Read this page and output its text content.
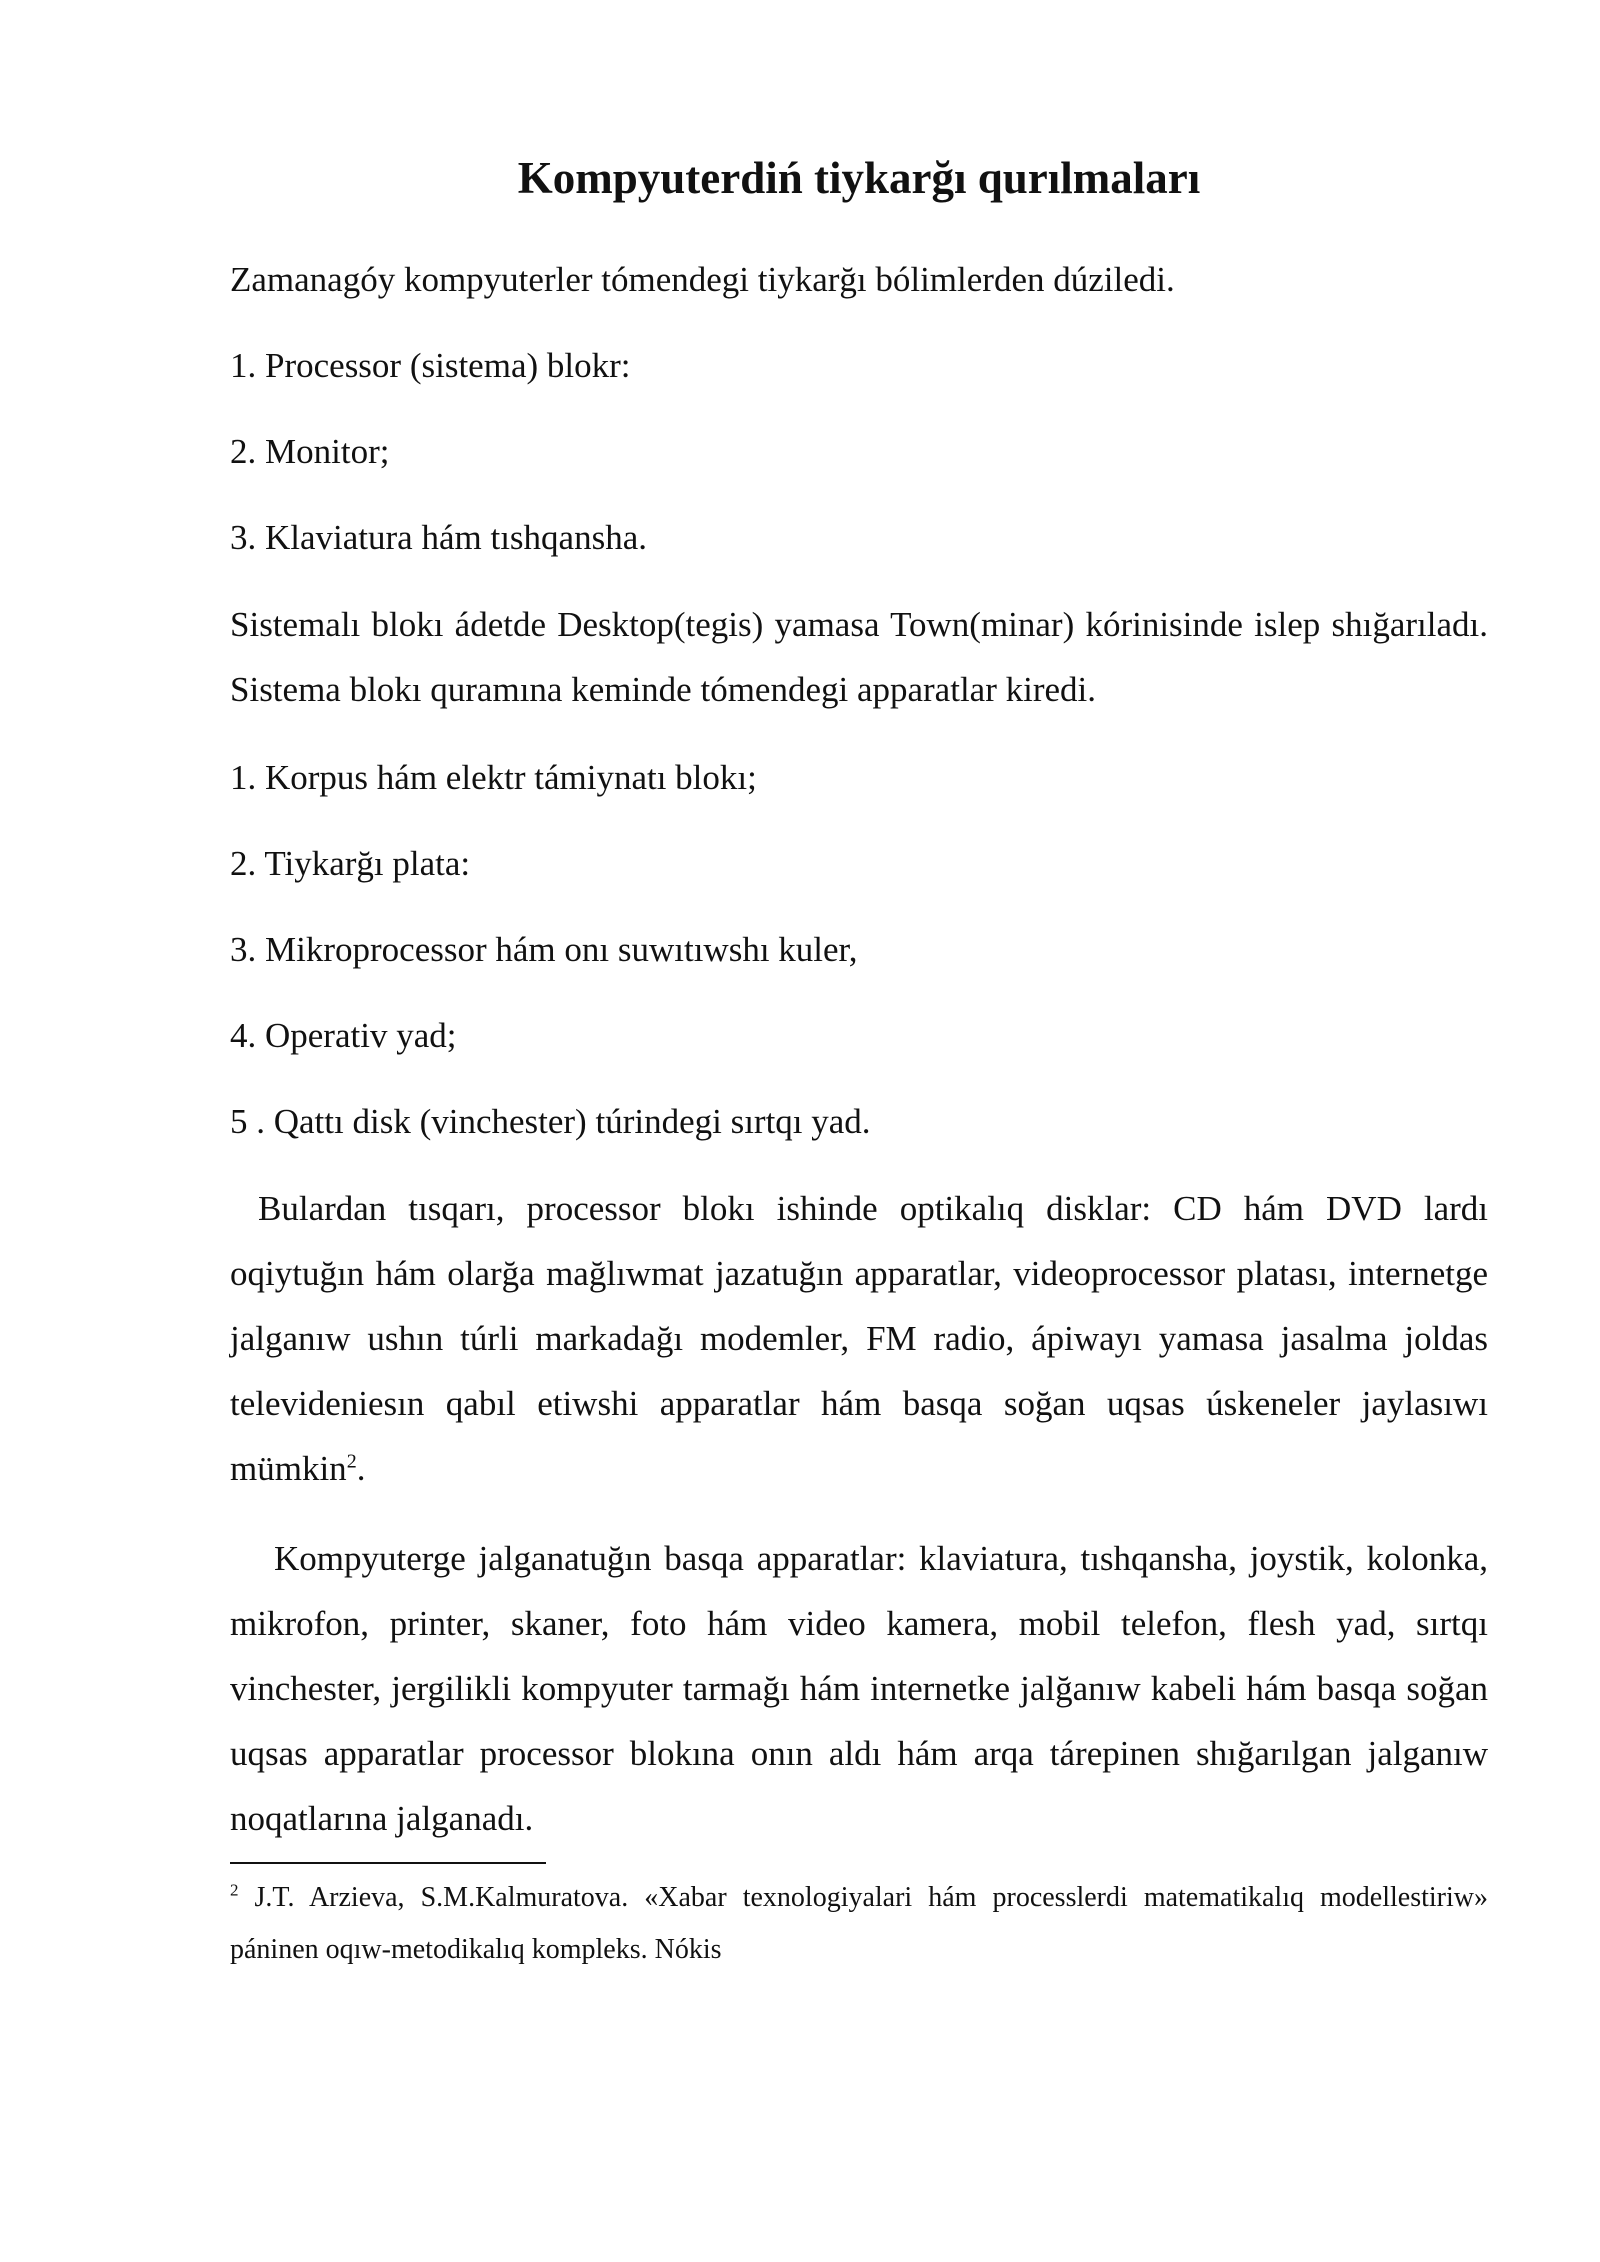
Kompyuterdiń tiykarğı qurılmaları
Zamanagóy kompyuterler tómendegi tiykarğı bólimlerden dúziledi.
1. Processor (sistema) blokr:
2. Monitor;
3. Klaviatura hám tıshqansha.
Sistemalı blokı ádetde Desktop(tegis) yamasa Town(minar) kórinisinde islep shığarıladı. Sistema blokı quramına keminde tómendegi apparatlar kiredi.
1. Korpus hám elektr támiynatı blokı;
2. Tiykarğı plata:
3. Mikroprocessor hám onı suwıtıwshı kuler,
4. Operativ yad;
5 . Qattı disk (vinchester) túrindegi sırtqı yad.
Bulardan tısqarı, processor blokı ishinde optikalıq disklar: CD hám DVD lardı oqiytuğın hám olarğa mağlıwmat jazatuğın apparatlar, videoprocessor platası, internetge jalganıw ushın túrli markadağı modemler, FM radio, ápiwayı yamasa jasalma joldas televideniesın qabıl etiwshi apparatlar hám basqa soğan uqsas úskeneler jaylasıwı mümkin$^2$.
Kompyuterge jalganatuğın basqa apparatlar: klaviatura, tıshqansha, joystik, kolonka, mikrofon, printer, skaner, foto hám video kamera, mobil telefon, flesh yad, sırtqı vinchester, jergilikli kompyuter tarmağı hám internetke jalğanıw kabeli hám basqa soğan uqsas apparatlar processor blokına onın aldı hám arqa tárepinen shığarılgan jalganıw noqatlarına jalganadı.
$^2$ J.T. Arzieva, S.M.Kalmuratova. «Xabar texnologiyalari hám processlerdi matematikalıq modellestiriw» páninen oqıw-metodikalıq kompleks. Nókis
